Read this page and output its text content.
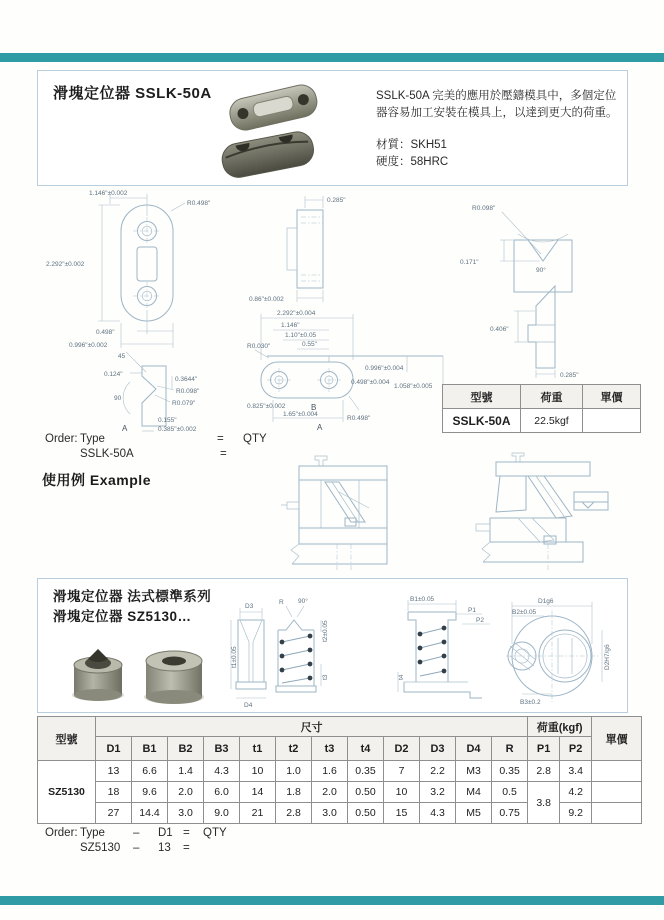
滑塊定位器 SSLK-50A	SSLK-50A 完美的應用於壓鑄模具中，多個定位器容易加工安裝在模具上，以達到更大的荷重。

材質：SKH51
硬度：58HRC
1.146"±0.002
R0.498"
2.292"±0.002
0.498"
0.996"±0.002
45
0.124"
0.3644"
R0.098"
90
R0.079"
0.155"
0.385"±0.002
A
0.285"
0.86"±0.002
2.292"±0.004
1.146"
1.10"±0.05
0.55"
R0.030"
0.996"±0.004
0.498"±0.004
1.058"±0.005
0.825"±0.002
1.65"±0.004
R0.498"
B
A
R0.098"
0.171"
90°
0.406"
0.285"
型號	荷重	單價
SSLK-50A	22.5kgf	
Order: Type	= QTY
SSLK-50A	=
使用例 Example
滑塊定位器 法式標準系列
滑塊定位器 SZ5130…
D3
t1±0.05
D4
R 90°
t2±0.05
t3
B1±0.05
P1
P2
t4
D1g6
B2±0.05
D2H7/g6
B3±0.2
型號	尺寸												荷重(kgf)		單價
	D1	B1	B2	B3	t1	t2	t3	t4	D2	D3	D4	R	P1	P2	
SZ5130	13	6.6	1.4	4.3	10	1.0	1.6	0.35	7	2.2	M3	0.35	2.8	3.4	
	18	9.6	2.0	6.0	14	1.8	2.0	0.50	10	3.2	M4	0.5	3.8	4.2	
	27	14.4	3.0	9.0	21	2.8	3.0	0.50	15	4.3	M5	0.75		9.2	
Order: Type – D1 = QTY
SZ5130 – 13 =
